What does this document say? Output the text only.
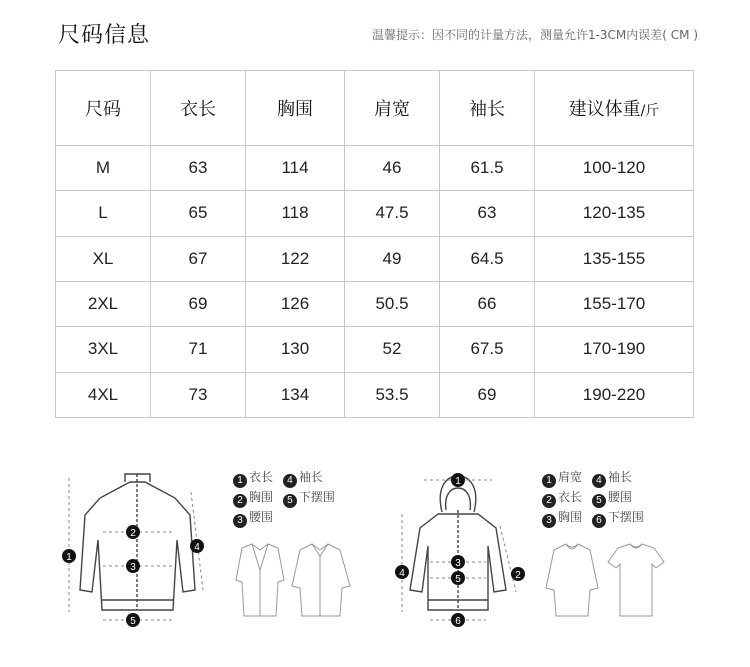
尺码信息	温馨提示：因不同的计量方法，测量允许1-3CM内误差( CM )
尺码	衣长	胸围	肩宽	袖长	建议体重/斤
M	63	114	46	61.5	100-120
L	65	118	47.5	63	120-135
XL	67	122	49	64.5	135-155
2XL	69	126	50.5	66	155-170
3XL	71	130	52	67.5	170-190
4XL	73	134	53.5	69	190-220
1
2
3
4
5
1 衣长 4 袖长
2 胸围 5 下摆围
3 腰围
1
2
3
4
5
6
1 肩宽 4 袖长
2 衣长 5 腰围
3 胸围 6 下摆围
